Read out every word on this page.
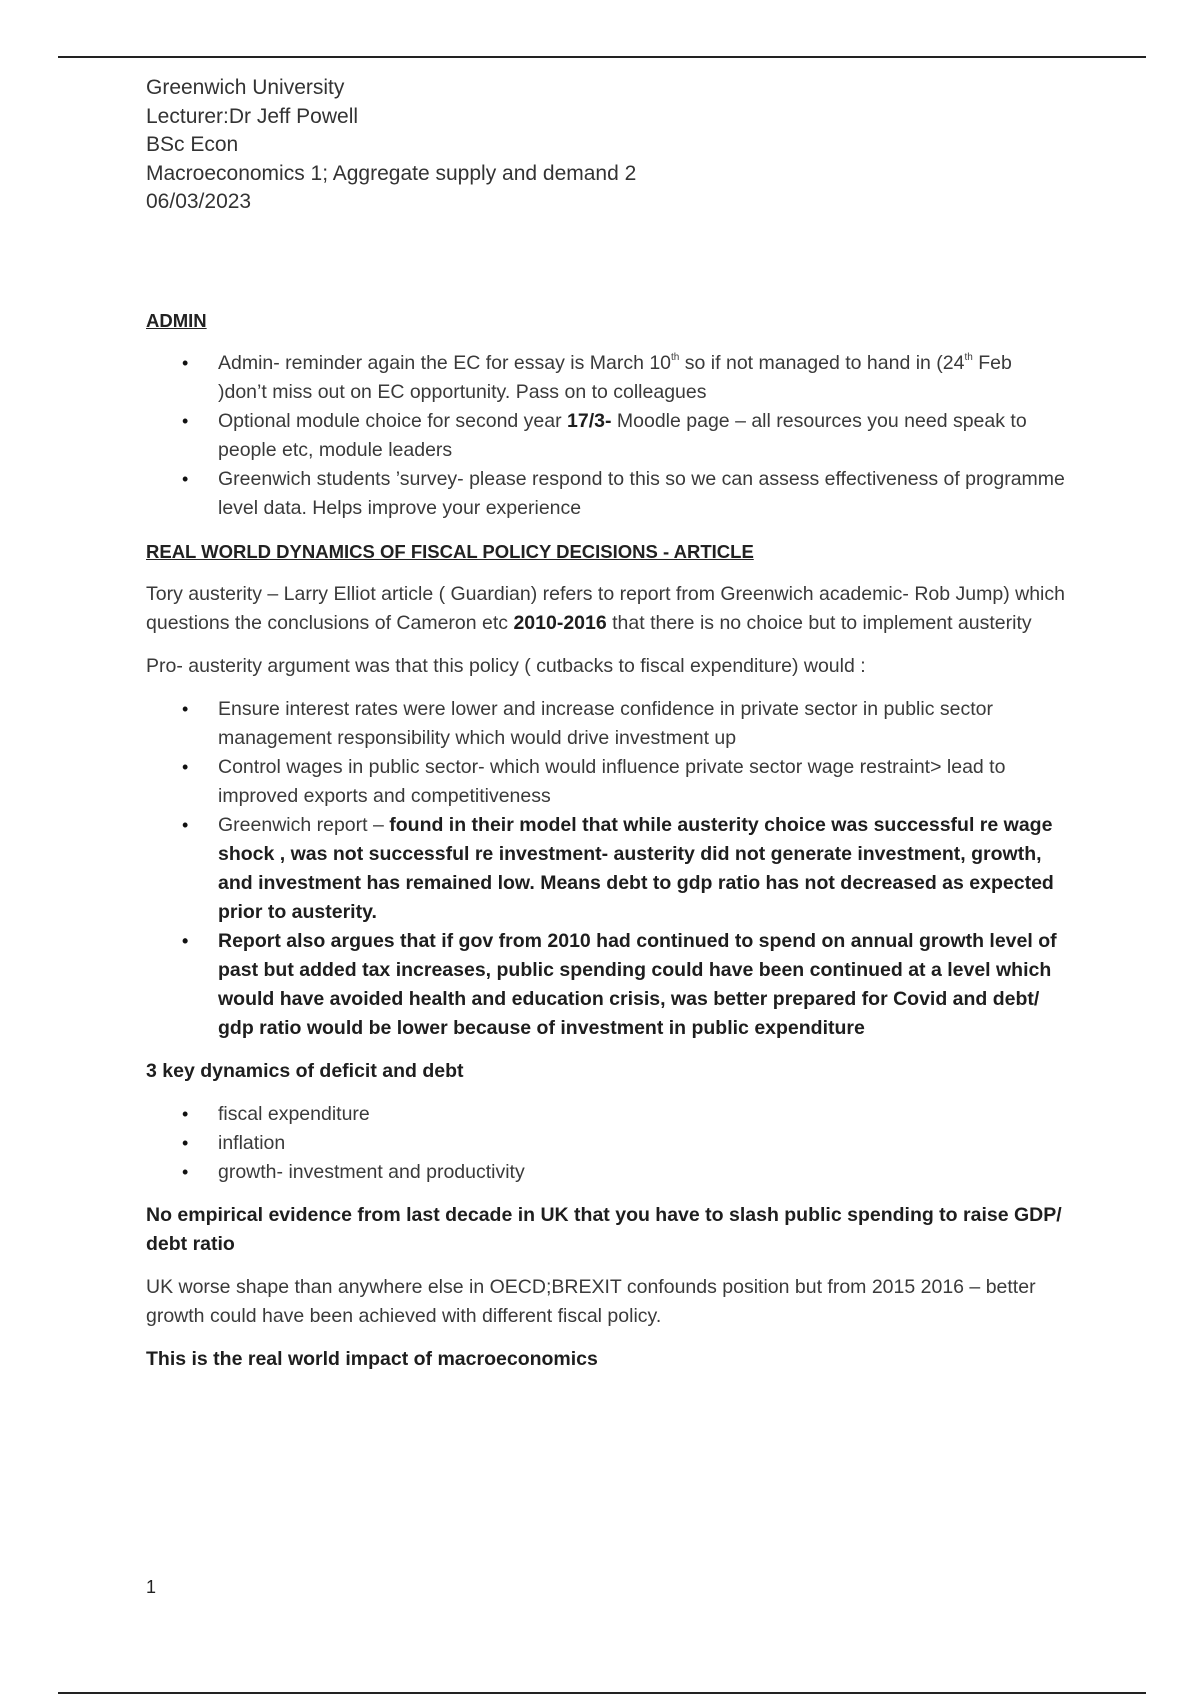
Greenwich University

Lecturer:Dr Jeff Powell

BSc Econ

Macroeconomics 1; Aggregate supply and demand 2

06/03/2023

ADMIN
• Admin- reminder again the EC for essay is March 10th so if not managed to hand in (24th Feb )don’t miss out on EC opportunity. Pass on to colleagues
• Optional module choice for second year 17/3- Moodle page – all resources you need speak to people etc, module leaders
• Greenwich students ’survey- please respond to this so we can assess effectiveness of programme level data. Helps improve your experience
REAL WORLD DYNAMICS OF FISCAL POLICY DECISIONS - ARTICLE

Tory austerity – Larry Elliot article ( Guardian) refers to report from Greenwich academic- Rob Jump) which questions the conclusions of Cameron etc 2010-2016 that there is no choice but to implement austerity

Pro- austerity argument was that this policy ( cutbacks to fiscal expenditure) would :

• Ensure interest rates were lower and increase confidence in private sector in public sector management responsibility which would drive investment up
• Control wages in public sector- which would influence private sector wage restraint> lead to improved exports and competitiveness
• Greenwich report – found in their model that while austerity choice was successful re wage shock , was not successful re investment- austerity did not generate investment, growth, and investment has remained low. Means debt to gdp ratio has not decreased as expected prior to austerity.
• Report also argues that if gov from 2010 had continued to spend on annual growth level of past but added tax increases, public spending could have been continued at a level which would have avoided health and education crisis, was better prepared for Covid and debt/ gdp ratio would be lower because of investment in public expenditure

3 key dynamics of deficit and debt

• fiscal expenditure
• inflation
• growth- investment and productivity

No empirical evidence from last decade in UK that you have to slash public spending to raise GDP/ debt ratio

UK worse shape than anywhere else in OECD;BREXIT confounds position but from 2015 2016 – better growth could have been achieved with different fiscal policy.

This is the real world impact of macroeconomics

1
